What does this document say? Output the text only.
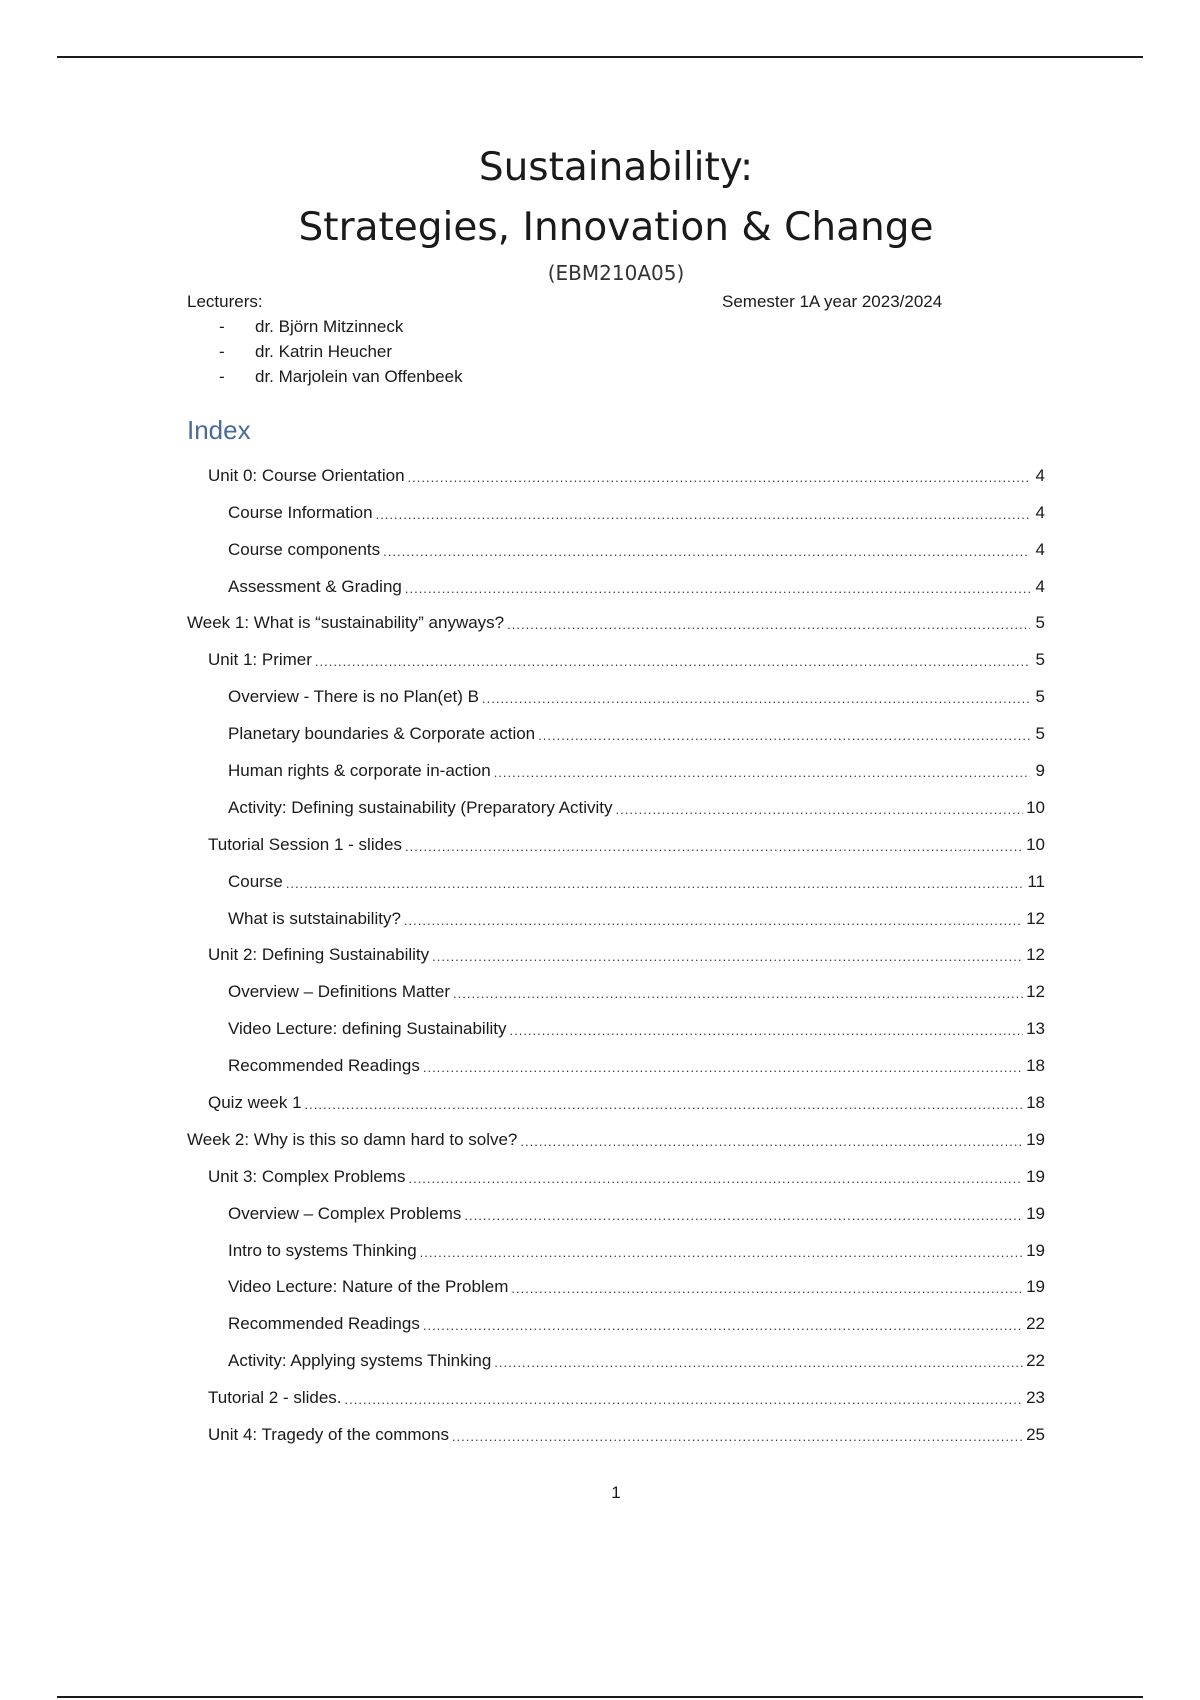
Sustainability:
Strategies, Innovation & Change
(EBM210A05)

Lecturers:

- dr. Björn Mitzinneck
- dr. Katrin Heucher
- dr. Marjolein van Offenbeek
Semester 1A year 2023/2024
Index
Unit 0: Course Orientation .....	4
Course Information .....	4
Course components .....	4
Assessment & Grading .....	4
Week 1: What is “sustainability” anyways? .....	5
Unit 1: Primer .....	5
Overview - There is no Plan(et) B .....	5
Planetary boundaries & Corporate action .....	5
Human rights & corporate in-action .....	9
Activity: Defining sustainability (Preparatory Activity .....	10
Tutorial Session 1 - slides .....	10
Course .....	11
What is sutstainability? .....	12
Unit 2: Defining Sustainability .....	12
Overview – Definitions Matter .....	12
Video Lecture: defining Sustainability .....	13
Recommended Readings .....	18
Quiz week 1 .....	18
Week 2: Why is this so damn hard to solve? .....	19
Unit 3: Complex Problems .....	19
Overview – Complex Problems .....	19
Intro to systems Thinking .....	19
Video Lecture: Nature of the Problem .....	19
Recommended Readings .....	22
Activity: Applying systems Thinking .....	22
Tutorial 2 - slides. .....	23
Unit 4: Tragedy of the commons .....	25
1
